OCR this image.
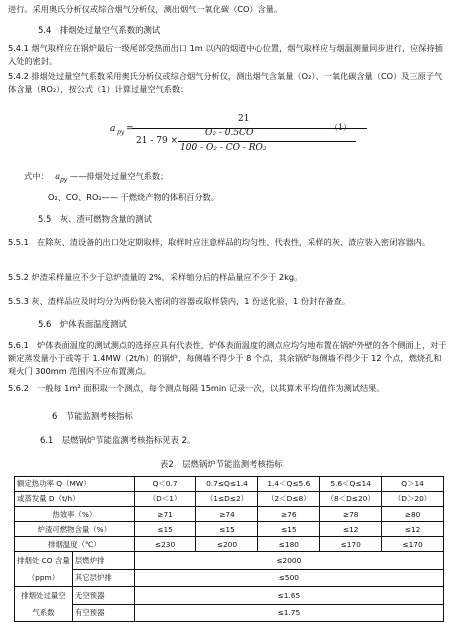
进行。采用奥氏分析仪或综合烟气分析仪，测出烟气一氧化碳（CO）含量。
5.4　排烟处过量空气系数的测试
5.4.1 烟气取样应在锅炉最后一级尾部受热面出口 1m 以内的烟道中心位置，烟气取样应与烟温测量同步进行，应保持插入处的密封。
5.4.2 排烟处过量空气系数采用奥氏分析仪或综合烟气分析仪，测出烟气含氧量（O₂）、一氧化碳含量（CO）及三原子气体含量（RO₂），按公式（1）计算过量空气系数：
a py =
21
21 - 79 ×
O₂ - 0.5CO
100 - O₂ - CO - RO₂
（1）
式中： $a_{py}$ ——排烟处过量空气系数；
O₂、CO、RO₂—— 干燃烧产物的体积百分数。
5.5　灰、渣可燃物含量的测试
5.5.1　在除灰、渣设备的出口处定期取样，取样时应注意样品的均匀性、代表性，采样的灰、渣应装入密闭容器内。
5.5.2 炉渣采样量应不少于总炉渣量的 2%，采样缩分后的样品量应不少于 2kg。
5.5.3 灰、渣样品应及时均分为两份装入密闭的容器或取样袋内，1 份送化验，1 份封存备查。
5.6　炉体表面温度测试
5.6.1　炉体表面温度的测试测点的选择应具有代表性，炉体表面温度的测点应均匀地布置在锅炉外壁的各个侧面上，对于额定蒸发量小于或等于 1.4MW（2t/h）的锅炉，每侧墙不得少于 8 个点，其余锅炉每侧墙不得少于 12 个点，燃烧孔和观火门 300mm 范围内不应布置测点。
5.6.2　一般每 1m² 面积取一个测点，每个测点每隔 15min 记录一次，以其算术平均值作为测试结果。
6　节能监测考核指标
6.1　层燃锅炉节能监测考核指标见表 2。
表2　层燃锅炉节能监测考核指标
额定热功率 Q（MW）		Q＜0.7	0.7≤Q≤1.4	1.4＜Q≤5.6	5.6＜Q≤14	Q＞14
或蒸发量 D（t/h）		（D＜1）	（1≤D≤2）	（2＜D≤8）	（8＜D≤20）	（D＞20）
热效率（%）		≥71	≥74	≥76	≥78	≥80
炉渣可燃物含量（%）		≤15	≤15	≤15	≤12	≤12
排烟温度（℃）		≤230	≤200	≤180	≤170	≤170

排烟处 CO 含量
（ppm）	层燃炉排	≤2000				
	其它层炉排	≤500				

排烟处过量空
气系数	无空预器	≤1.65				
	有空预器	≤1.75				
